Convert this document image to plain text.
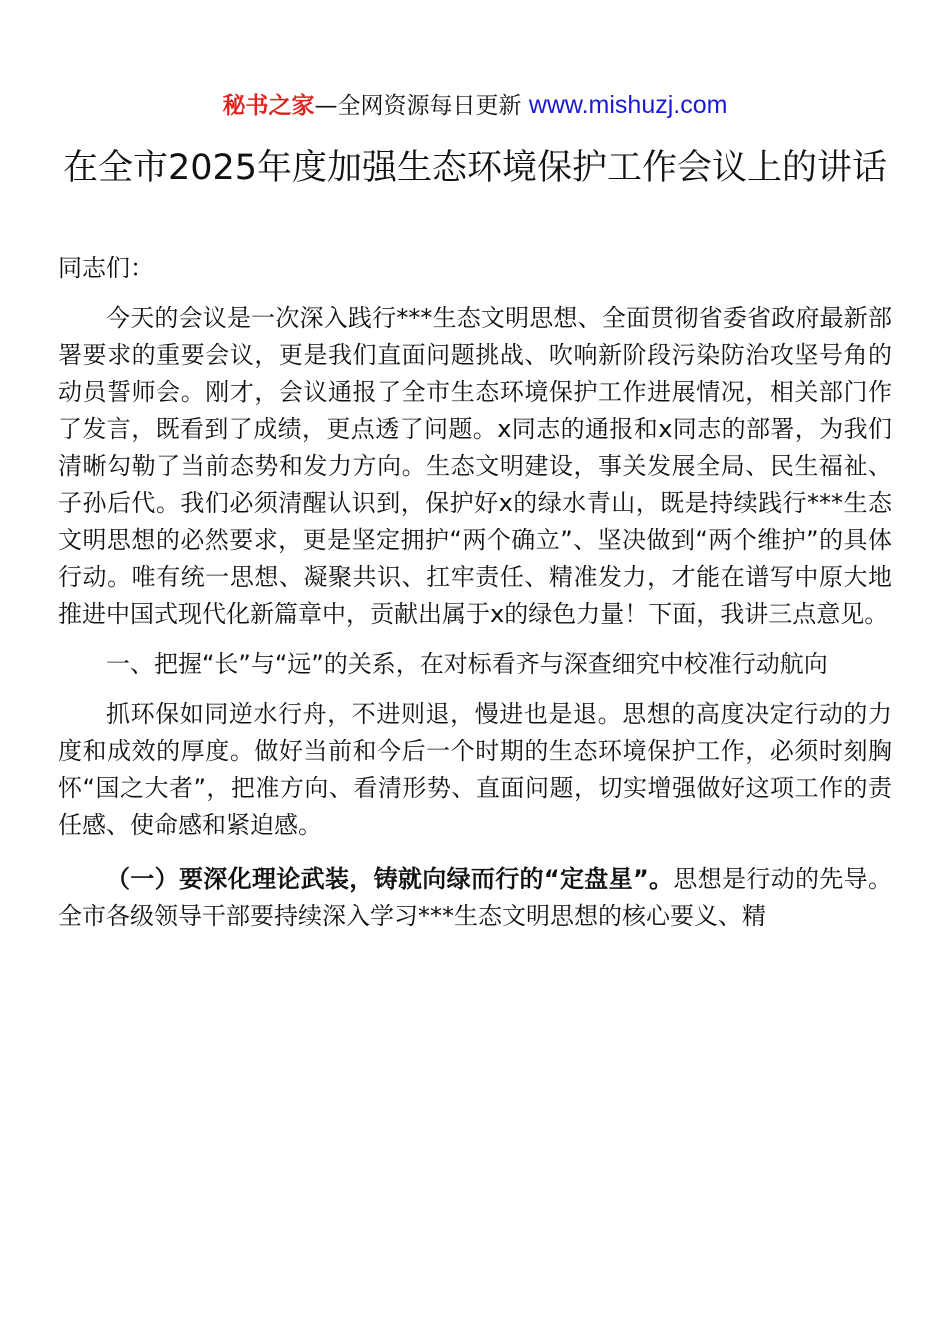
秘书之家—全网资源每日更新 www.mishuzj.com
在全市2025年度加强生态环境保护工作会议上的讲话

同志们：

今天的会议是一次深入践行***生态文明思想、全面贯彻省委省政府最新部署要求的重要会议，更是我们直面问题挑战、吹响新阶段污染防治攻坚号角的动员誓师会。刚才，会议通报了全市生态环境保护工作进展情况，相关部门作了发言，既看到了成绩，更点透了问题。x同志的通报和x同志的部署，为我们清晰勾勒了当前态势和发力方向。生态文明建设，事关发展全局、民生福祉、子孙后代。我们必须清醒认识到，保护好x的绿水青山，既是持续践行***生态文明思想的必然要求，更是坚定拥护“两个确立”、坚决做到“两个维护”的具体行动。唯有统一思想、凝聚共识、扛牢责任、精准发力，才能在谱写中原大地推进中国式现代化新篇章中，贡献出属于x的绿色力量！下面，我讲三点意见。

一、把握“长”与“远”的关系，在对标看齐与深查细究中校准行动航向

抓环保如同逆水行舟，不进则退，慢进也是退。思想的高度决定行动的力度和成效的厚度。做好当前和今后一个时期的生态环境保护工作，必须时刻胸怀“国之大者”，把准方向、看清形势、直面问题，切实增强做好这项工作的责任感、使命感和紧迫感。

（一）要深化理论武装，铸就向绿而行的“定盘星”。思想是行动的先导。全市各级领导干部要持续深入学习***生态文明思想的核心要义、精
